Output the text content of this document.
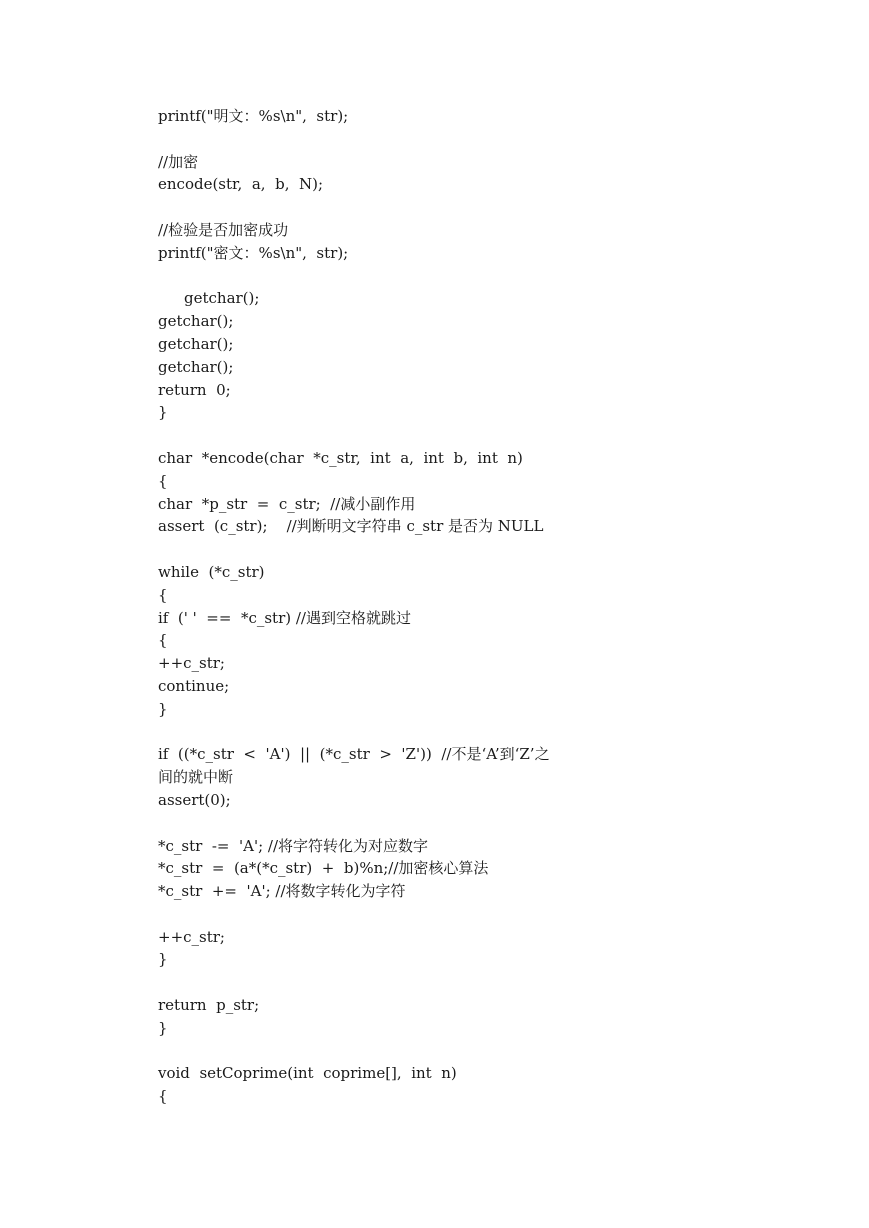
printf("明文：%s\n",  str);
//加密
encode(str,  a,  b,  N);
//检验是否加密成功
printf("密文：%s\n",  str);
getchar();
getchar();
getchar();
getchar();
return  0;
}
char  *encode(char  *c_str,  int  a,  int  b,  int  n)
{
char  *p_str  =  c_str;  //减小副作用
assert  (c_str);    //判断明文字符串 c_str 是否为 NULL
while  (*c_str)
{
if  (' '  ==  *c_str) //遇到空格就跳过
{
++c_str;
continue;
}
if  ((*c_str  <  'A')  ||  (*c_str  >  'Z'))  //不是‘A’到‘Z’之
间的就中断
assert(0);
*c_str  -=  'A'; //将字符转化为对应数字
*c_str  =  (a*(*c_str)  +  b)%n;//加密核心算法
*c_str  +=  'A'; //将数字转化为字符
++c_str;
}
return  p_str;
}
void  setCoprime(int  coprime[],  int  n)
{
